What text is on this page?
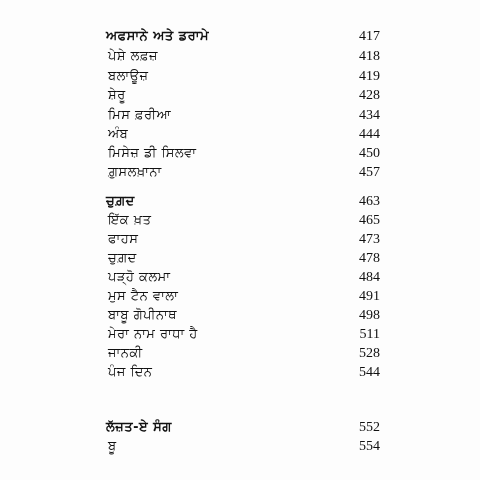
ਅਫਸਾਨੇ ਅਤੇ ਡਰਾਮੇ	417
ਪੇਸ਼ੇ ਲਫ਼ਜ਼	418
ਬਲਾਊਜ਼	419
ਸ਼ੇਰੂ	428
ਮਿਸ ਫ਼ਰੀਆ	434
ਅੰਬ	444
ਮਿਸੇਜ਼ ਡੀ ਸਿਲਵਾ	450
ਗ਼ੁਸਲਖ਼ਾਨਾ	457
ਚੁਗ਼ਦ	463
ਇੱਕ ਖ਼ਤ	465
ਫਾਹਸ	473
ਚੁਗ਼ਦ	478
ਪੜ੍ਹੋ ਕਲਮਾ	484
ਮੁਸ ਟੈਨ ਵਾਲਾ	491
ਬਾਬੂ ਗੋਪੀਨਾਥ	498
ਮੇਰਾ ਨਾਮ ਰਾਧਾ ਹੈ	511
ਜਾਨਕੀ	528
ਪੰਜ ਦਿਨ	544
ਲੱਜ਼ਤ-ਏ ਸੰਗ	552
ਬੂ	554
